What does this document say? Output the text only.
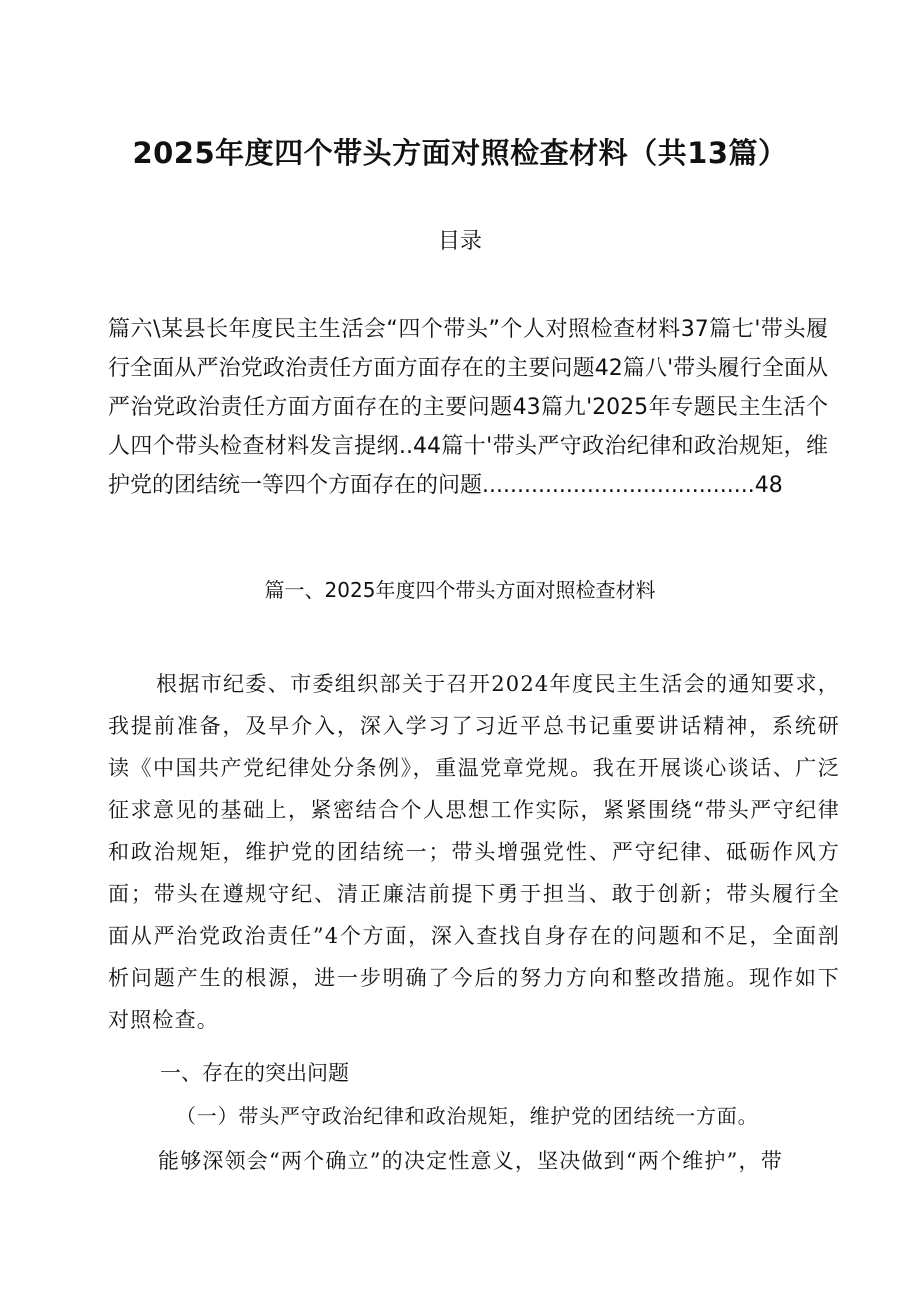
2025年度四个带头方面对照检查材料（共13篇）
目录
篇六\某县长年度民主生活会“四个带头”个人对照检查材料37篇七'带头履行全面从严治党政治责任方面方面存在的主要问题42篇八'带头履行全面从严治党政治责任方面方面存在的主要问题43篇九'2025年专题民主生活个人四个带头检查材料发言提纲..44篇十'带头严守政治纪律和政治规矩，维护党的团结统一等四个方面存在的问题.......................................48
篇一、2025年度四个带头方面对照检查材料
根据市纪委、市委组织部关于召开2024年度民主生活会的通知要求，我提前准备，及早介入，深入学习了习近平总书记重要讲话精神，系统研读《中国共产党纪律处分条例》，重温党章党规。我在开展谈心谈话、广泛征求意见的基础上，紧密结合个人思想工作实际，紧紧围绕“带头严守纪律和政治规矩，维护党的团结统一；带头增强党性、严守纪律、砥砺作风方面；带头在遵规守纪、清正廉洁前提下勇于担当、敢于创新；带头履行全面从严治党政治责任”4个方面，深入查找自身存在的问题和不足，全面剖析问题产生的根源，进一步明确了今后的努力方向和整改措施。现作如下对照检查。
一、存在的突出问题
（一）带头严守政治纪律和政治规矩，维护党的团结统一方面。
能够深领会“两个确立”的决定性意义，坚决做到“两个维护”，带
